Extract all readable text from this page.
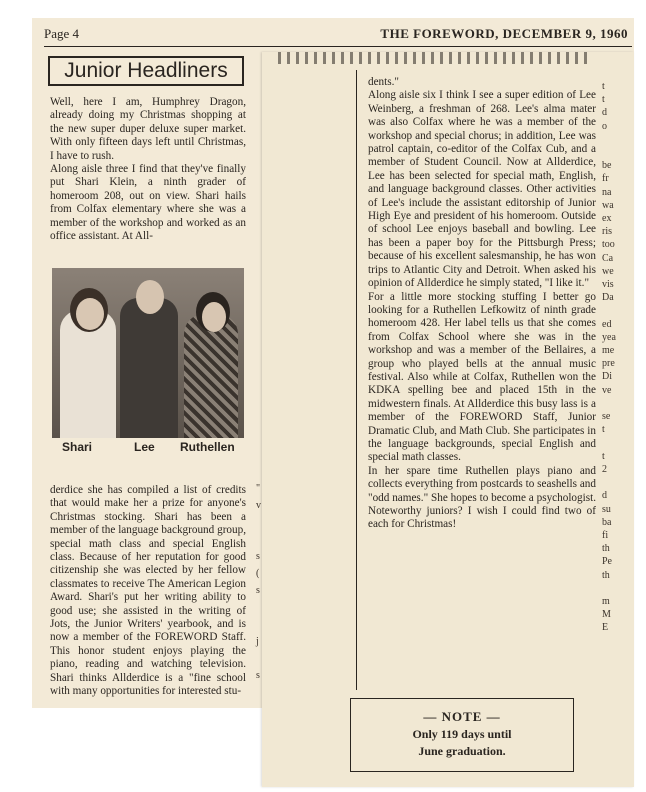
Page 4	THE FOREWORD, DECEMBER 9, 1960
Junior Headliners
Well, here I am, Humphrey Dragon, already doing my Christmas shopping at the new super duper deluxe super market. With only fifteen days left until Christmas, I have to rush.
Along aisle three I find that they've finally put Shari Klein, a ninth grader of homeroom 208, out on view. Shari hails from Colfax elementary where she was a member of the workshop and worked as an office assistant. At All-
Shari	Lee Ruthellen
derdice she has compiled a list of credits that would make her a prize for anyone's Christmas stocking. Shari has been a member of the language background group, special math class and special English class. Because of her reputation for good citizenship she was elected by her fellow classmates to receive The American Legion Award. Shari's put her writing ability to good use; she assisted in the writing of Jots, the Junior Writers' yearbook, and is now a member of the FOREWORD Staff. This honor student enjoys playing the piano, reading and watching television. Shari thinks Allderdice is a "fine school with many opportunities for interested stu-
dents."
Along aisle six I think I see a super edition of Lee Weinberg, a freshman of 268. Lee's alma mater was also Colfax where he was a member of the workshop and special chorus; in addition, Lee was patrol captain, co-editor of the Colfax Cub, and a member of Student Council. Now at Allderdice, Lee has been selected for special math, English, and language background classes. Other activities of Lee's include the assistant editorship of Junior High Eye and president of his homeroom. Outside of school Lee enjoys baseball and bowling. Lee has been a paper boy for the Pittsburgh Press; because of his excellent salesmanship, he has won trips to Atlantic City and Detroit. When asked his opinion of Allderdice he simply stated, "I like it."
For a little more stocking stuffing I better go looking for a Ruthellen Lefkowitz of ninth grade homeroom 428. Her label tells us that she comes from Colfax School where she was in the workshop and was a member of the Bellaires, a group who played bells at the annual music festival. Also while at Colfax, Ruthellen won the KDKA spelling bee and placed 15th in the midwestern finals. At Allderdice this busy lass is a member of the FOREWORD Staff, Junior Dramatic Club, and Math Club. She participates in the language backgrounds, special English and special math classes.
In her spare time Ruthellen plays piano and collects everything from postcards to seashells and "odd names." She hopes to become a psychologist. Noteworthy juniors? I wish I could find two of each for Christmas!
— NOTE —
Only 119 days until
June graduation.
t
t
d
o

be
fr
na
wa
ex
ris
too
Ca
we
vis
Da

ed
yea
me
pre
Di
ve

se
t

t
2

d
su
ba
fi
th
Pe
th

m
M
E
"
v

s
(
s

j

s
